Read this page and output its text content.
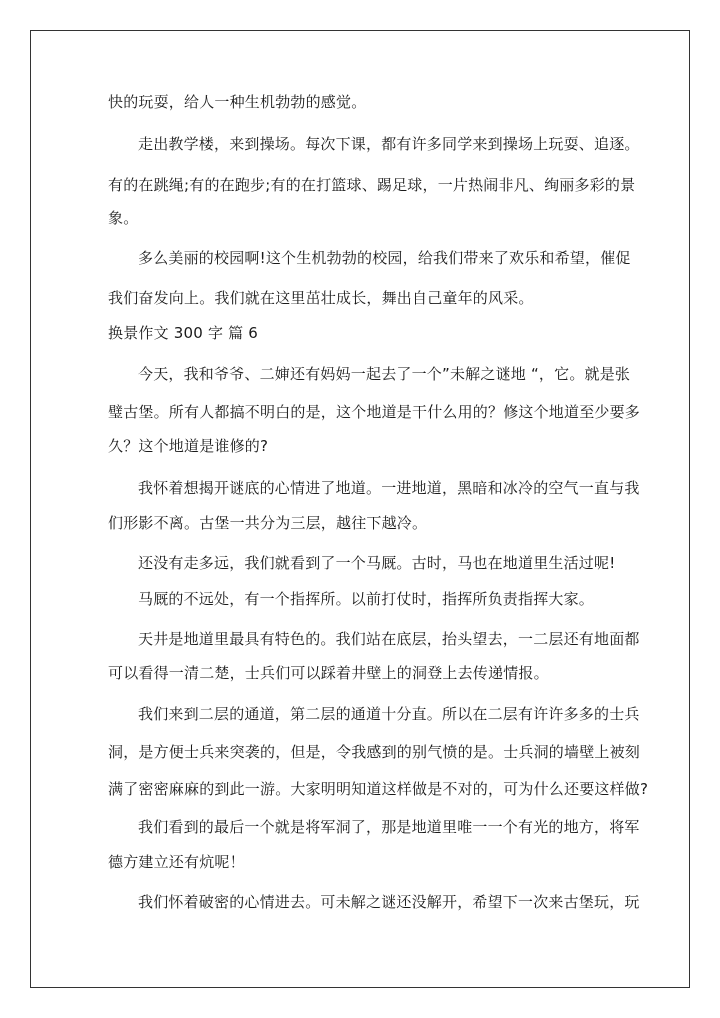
快的玩耍，给人一种生机勃勃的感觉。
走出教学楼，来到操场。每次下课，都有许多同学来到操场上玩耍、追逐。
有的在跳绳;有的在跑步;有的在打篮球、踢足球，一片热闹非凡、绚丽多彩的景
象。
多么美丽的校园啊!这个生机勃勃的校园，给我们带来了欢乐和希望，催促
我们奋发向上。我们就在这里茁壮成长，舞出自己童年的风采。
换景作文 300 字 篇 6
今天，我和爷爷、二婶还有妈妈一起去了一个”未解之谜地 “，它。就是张
璧古堡。所有人都搞不明白的是，这个地道是干什么用的？修这个地道至少要多
久？这个地道是谁修的?
我怀着想揭开谜底的心情进了地道。一进地道，黑暗和冰冷的空气一直与我
们形影不离。古堡一共分为三层，越往下越冷。
还没有走多远，我们就看到了一个马厩。古时，马也在地道里生活过呢!
马厩的不远处，有一个指挥所。以前打仗时，指挥所负责指挥大家。
天井是地道里最具有特色的。我们站在底层，抬头望去，一二层还有地面都
可以看得一清二楚，士兵们可以踩着井壁上的洞登上去传递情报。
我们来到二层的通道，第二层的通道十分直。所以在二层有许许多多的士兵
洞，是方便士兵来突袭的，但是，令我感到的别气愤的是。士兵洞的墙壁上被刻
满了密密麻麻的到此一游。大家明明知道这样做是不对的，可为什么还要这样做?
我们看到的最后一个就是将军洞了，那是地道里唯一一个有光的地方，将军
德方建立还有炕呢！
我们怀着破密的心情进去。可未解之谜还没解开，希望下一次来古堡玩，玩
